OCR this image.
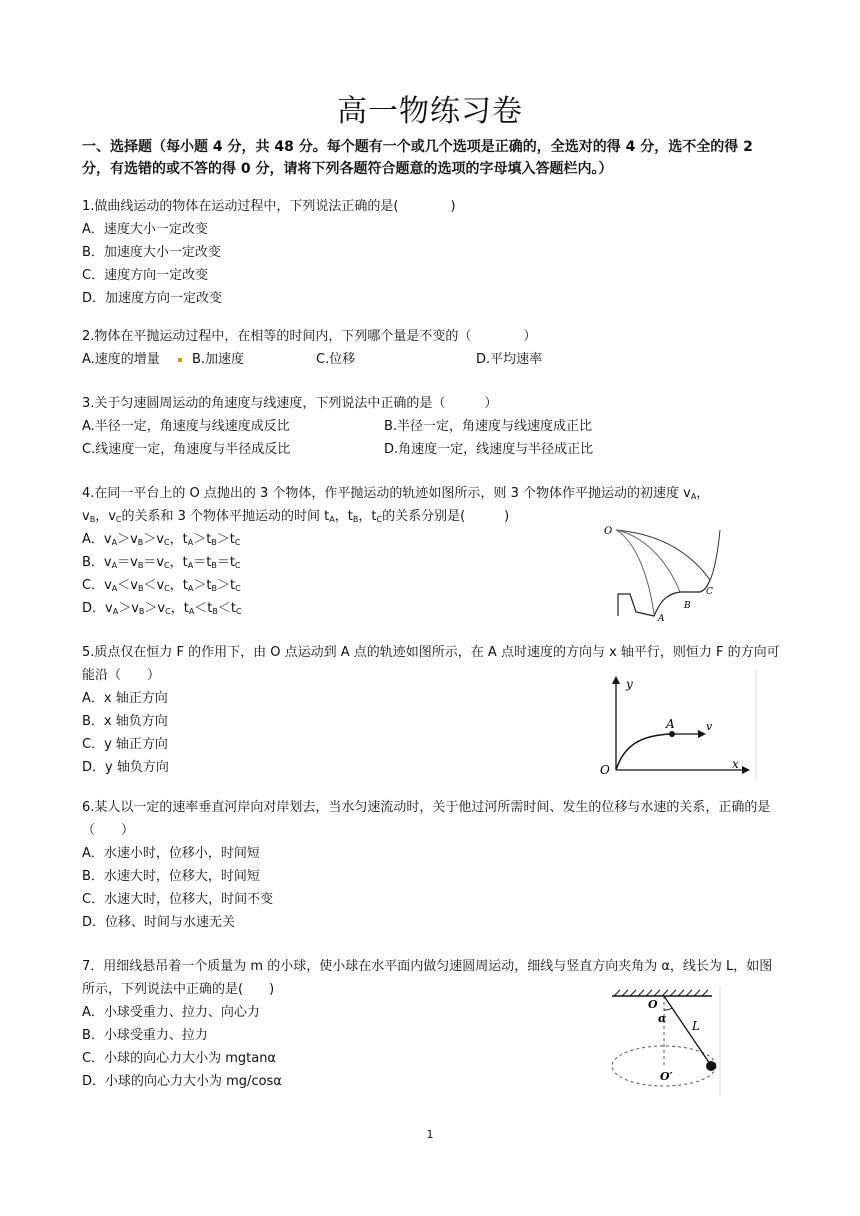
高一物练习卷
一、选择题（每小题 4 分，共 48 分。每个题有一个或几个选项是正确的，全选对的得 4 分，选不全的得 2 分，有选错的或不答的得 0 分，请将下列各题符合题意的选项的字母填入答题栏内。）
1.做曲线运动的物体在运动过程中，下列说法正确的是(　　　　)
A．速度大小一定改变
B．加速度大小一定改变
C．速度方向一定改变
D．加速度方向一定改变
2.物体在平抛运动过程中，在相等的时间内，下列哪个量是不变的（　　　　）
A.速度的增量 B.加速度	C.位移	D.平均速率
3.关于匀速圆周运动的角速度与线速度，下列说法中正确的是（　　　）
A.半径一定，角速度与线速度成反比	B.半径一定，角速度与线速度成正比
C.线速度一定，角速度与半径成反比	D.角速度一定，线速度与半径成正比
4.在同一平台上的 O 点抛出的 3 个物体，作平抛运动的轨迹如图所示，则 3 个物体作平抛运动的初速度 $v_A$，
$v_B$，$v_C$的关系和 3 个物体平抛运动的时间 $t_A$，$t_B$，$t_C$的关系分别是(　　　)
A．$v_A>v_B>v_C$，$t_A>t_B>t_C$
B．$v_A=v_B=v_C$，$t_A=t_B=t_C$
C．$v_A<v_B<v_C$，$t_A>t_B>t_C$
D．$v_A>v_B>v_C$，$t_A<t_B<t_C$
O
A
B
C
5.质点仅在恒力 F 的作用下，由 O 点运动到 A 点的轨迹如图所示，在 A 点时速度的方向与 x 轴平行，则恒力 F 的方向可能沿（　　）
A．x 轴正方向
B．x 轴负方向
C．y 轴正方向
D．y 轴负方向
y
x
O
A	v
6.某人以一定的速率垂直河岸向对岸划去，当水匀速流动时，关于他过河所需时间、发生的位移与水速的关系，正确的是（　　）
A．水速小时，位移小，时间短
B．水速大时，位移大，时间短
C．水速大时，位移大，时间不变
D．位移、时间与水速无关
7．用细线悬吊着一个质量为 m 的小球，使小球在水平面内做匀速圆周运动，细线与竖直方向夹角为 α，线长为 L，如图所示，下列说法中正确的是(　　)
A．小球受重力、拉力、向心力
B．小球受重力、拉力
C．小球的向心力大小为 mgtanα
D．小球的向心力大小为 mg/cosα
O
α
L
O′
1
